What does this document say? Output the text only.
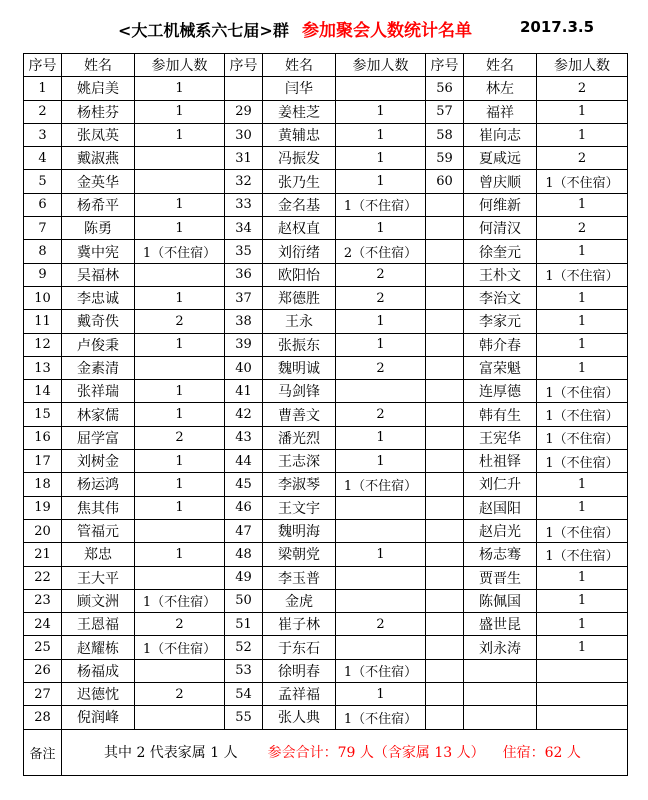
<大工机械系六七届>群 参加聚会人数统计名单	2017.3.5
序号	姓名	参加人数	序号	姓名	参加人数	序号	姓名	参加人数
1	姚启美	1		闫华		56	林左	2
2	杨桂芬	1	29	姜桂芝	1	57	福祥	1
3	张凤英	1	30	黄辅忠	1	58	崔向志	1
4	戴淑燕		31	冯振发	1	59	夏咸远	2
5	金英华		32	张乃生	1	60	曾庆顺	1（不住宿）
6	杨希平	1	33	金名基	1（不住宿）		何维新	1
7	陈勇	1	34	赵权直	1		何清汉	2
8	冀中宪	1（不住宿）	35	刘衍绪	2（不住宿）		徐奎元	1
9	吴福林		36	欧阳怡	2		王朴文	1（不住宿）
10	李忠诚	1	37	郑德胜	2		李治文	1
11	戴奇佚	2	38	王永	1		李家元	1
12	卢俊秉	1	39	张振东	1		韩介春	1
13	金素清		40	魏明诚	2		富荣魁	1
14	张祥瑞	1	41	马剑锋			连厚德	1（不住宿）
15	林家儒	1	42	曹善文	2		韩有生	1（不住宿）
16	屈学富	2	43	潘光烈	1		王宪华	1（不住宿）
17	刘树金	1	44	王志深	1		杜祖铎	1（不住宿）
18	杨运鸿	1	45	李淑琴	1（不住宿）		刘仁升	1
19	焦其伟	1	46	王文宇			赵国阳	1
20	管福元		47	魏明海			赵启光	1（不住宿）
21	郑忠	1	48	梁朝党	1		杨志骞	1（不住宿）
22	王大平		49	李玉普			贾晋生	1
23	顾文洲	1（不住宿）	50	金虎			陈佩国	1
24	王恩福	2	51	崔子林	2		盛世昆	1
25	赵耀栋	1（不住宿）	52	于东石			刘永涛	1
26	杨福成		53	徐明春	1（不住宿）			
27	迟德忱	2	54	孟祥福	1			
28	倪润峰		55	张人典	1（不住宿）			
备注	其中 2 代表家属 1 人 参会合计：79 人（含家属 13 人） 住宿：62 人							
